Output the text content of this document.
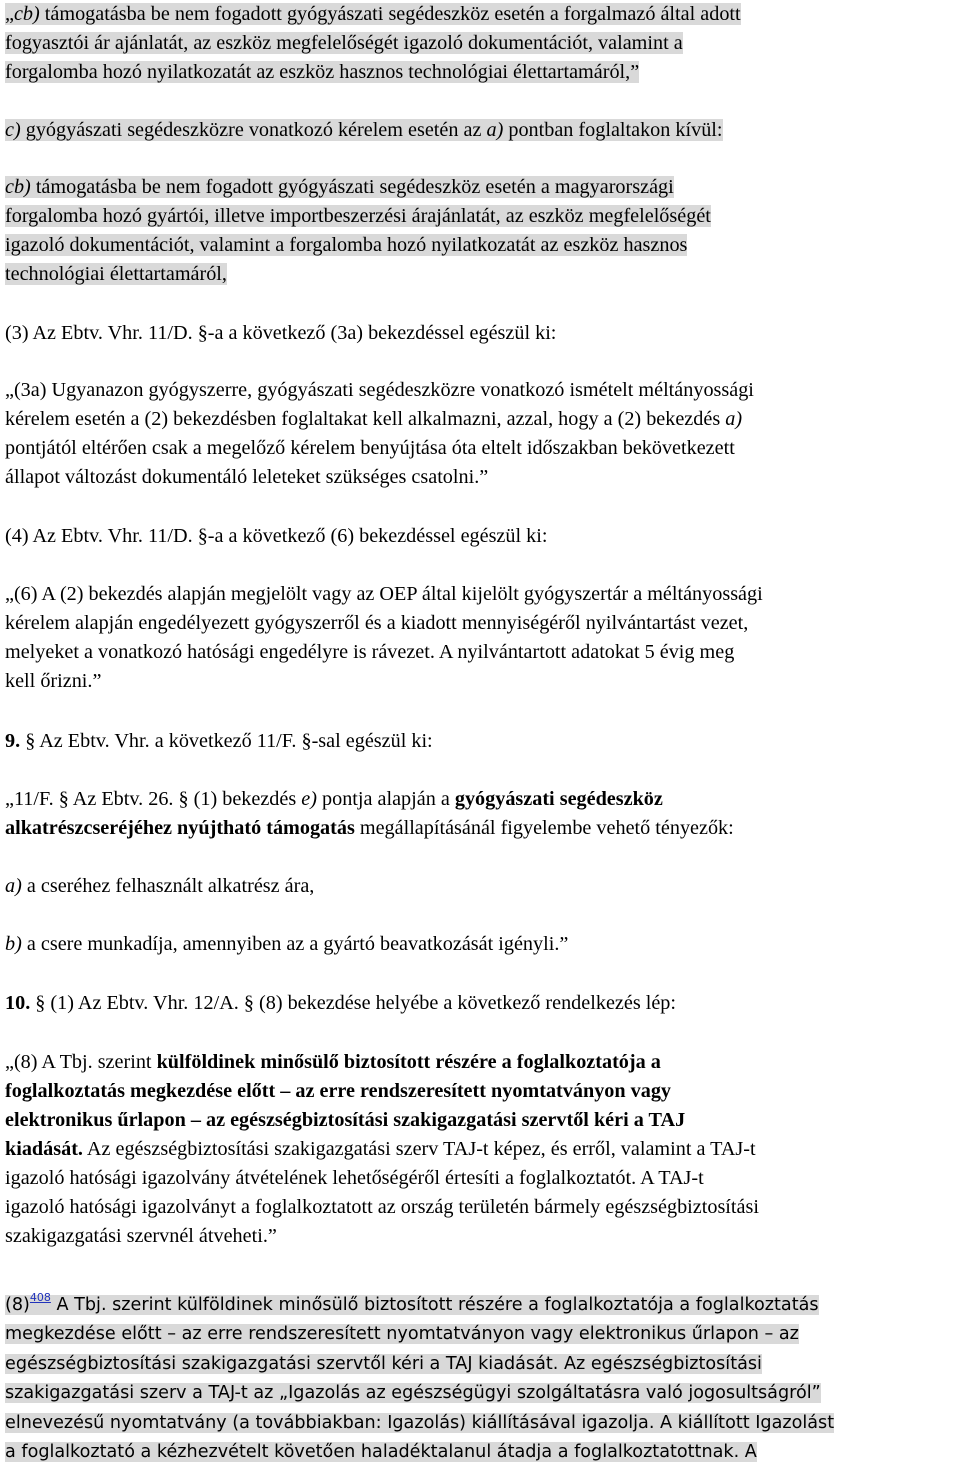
„cb) támogatásba be nem fogadott gyógyászati segédeszköz esetén a forgalmazó által adott
fogyasztói ár ajánlatát, az eszköz megfelelőségét igazoló dokumentációt, valamint a
forgalomba hozó nyilatkozatát az eszköz hasznos technológiai élettartamáról,”
c) gyógyászati segédeszközre vonatkozó kérelem esetén az a) pontban foglaltakon kívül:
cb) támogatásba be nem fogadott gyógyászati segédeszköz esetén a magyarországi
forgalomba hozó gyártói, illetve importbeszerzési árajánlatát, az eszköz megfelelőségét
igazoló dokumentációt, valamint a forgalomba hozó nyilatkozatát az eszköz hasznos
technológiai élettartamáról,
(3) Az Ebtv. Vhr. 11/D. §-a a következő (3a) bekezdéssel egészül ki:
„(3a) Ugyanazon gyógyszerre, gyógyászati segédeszközre vonatkozó ismételt méltányossági
kérelem esetén a (2) bekezdésben foglaltakat kell alkalmazni, azzal, hogy a (2) bekezdés a)
pontjától eltérően csak a megelőző kérelem benyújtása óta eltelt időszakban bekövetkezett
állapot változást dokumentáló leleteket szükséges csatolni.”
(4) Az Ebtv. Vhr. 11/D. §-a a következő (6) bekezdéssel egészül ki:
„(6) A (2) bekezdés alapján megjelölt vagy az OEP által kijelölt gyógyszertár a méltányossági
kérelem alapján engedélyezett gyógyszerről és a kiadott mennyiségéről nyilvántartást vezet,
melyeket a vonatkozó hatósági engedélyre is rávezet. A nyilvántartott adatokat 5 évig meg
kell őrizni.”
9. § Az Ebtv. Vhr. a következő 11/F. §-sal egészül ki:
„11/F. § Az Ebtv. 26. § (1) bekezdés e) pontja alapján a gyógyászati segédeszköz
alkatrészcseréjéhez nyújtható támogatás megállapításánál figyelembe vehető tényezők:
a) a cseréhez felhasznált alkatrész ára,
b) a csere munkadíja, amennyiben az a gyártó beavatkozását igényli.”
10. § (1) Az Ebtv. Vhr. 12/A. § (8) bekezdése helyébe a következő rendelkezés lép:
„(8) A Tbj. szerint külföldinek minősülő biztosított részére a foglalkoztatója a
foglalkoztatás megkezdése előtt – az erre rendszeresített nyomtatványon vagy
elektronikus űrlapon – az egészségbiztosítási szakigazgatási szervtől kéri a TAJ
kiadását. Az egészségbiztosítási szakigazgatási szerv TAJ-t képez, és erről, valamint a TAJ-t
igazoló hatósági igazolvány átvételének lehetőségéről értesíti a foglalkoztatót. A TAJ-t
igazoló hatósági igazolványt a foglalkoztatott az ország területén bármely egészségbiztosítási
szakigazgatási szervnél átveheti.”
$(8)^{408}$ A Tbj. szerint külföldinek minősülő biztosított részére a foglalkoztatója a foglalkoztatás
megkezdése előtt – az erre rendszeresített nyomtatványon vagy elektronikus űrlapon – az
egészségbiztosítási szakigazgatási szervtől kéri a TAJ kiadását. Az egészségbiztosítási
szakigazgatási szerv a TAJ-t az „Igazolás az egészségügyi szolgáltatásra való jogosultságról”
elnevezésű nyomtatvány (a továbbiakban: Igazolás) kiállításával igazolja. A kiállított Igazolást
a foglalkoztató a kézhezvételt követően haladéktalanul átadja a foglalkoztatottnak. A
